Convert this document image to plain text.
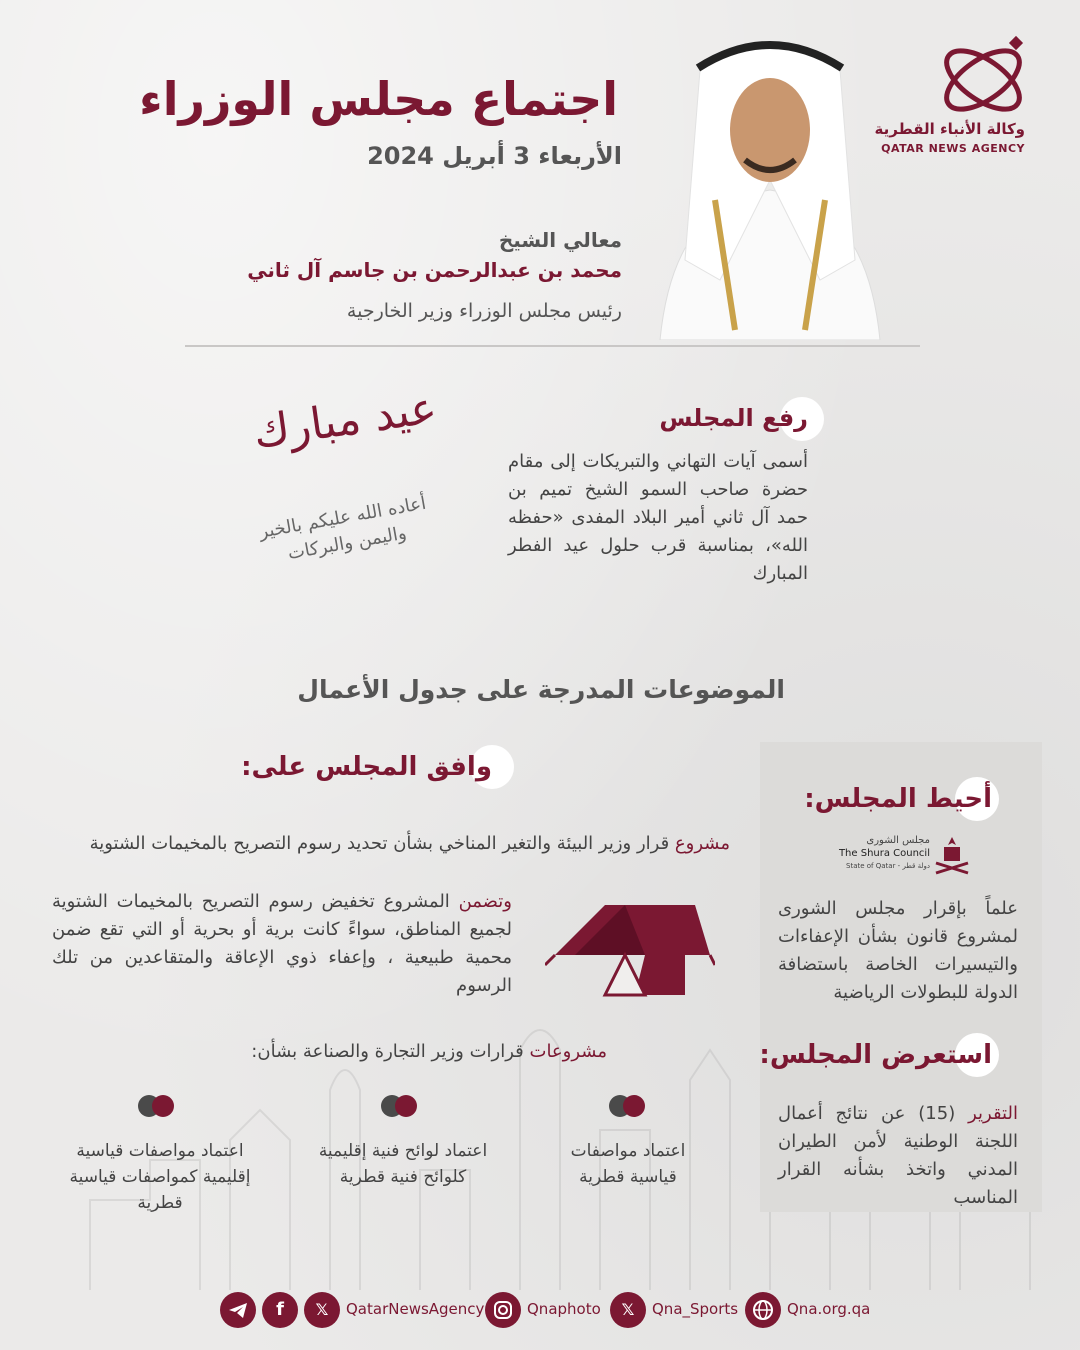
وكالة الأنباء القطرية
QATAR NEWS AGENCY
اجتماع مجلس الوزراء
الأربعاء 3 أبريل 2024
معالي الشيخ
محمد بن عبدالرحمن بن جاسم آل ثاني
رئيس مجلس الوزراء وزير الخارجية
رفع المجلس
أسمى آيات التهاني والتبريكات إلى مقام حضرة صاحب السمو الشيخ تميم بن حمد آل ثاني أمير البلاد المفدى «حفظه الله»، بمناسبة قرب حلول عيد الفطر المبارك
عيد مبارك
أعاده الله عليكم بالخير واليمن والبركات
الموضوعات المدرجة على جدول الأعمال
وافق المجلس على:
مشروع قرار وزير البيئة والتغير المناخي بشأن تحديد رسوم التصريح بالمخيمات الشتوية
وتضمن المشروع تخفيض رسوم التصريح بالمخيمات الشتوية لجميع المناطق، سواءً كانت برية أو بحرية أو التي تقع ضمن محمية طبيعية ، وإعفاء ذوي الإعاقة والمتقاعدين من تلك الرسوم
مشروعات قرارات وزير التجارة والصناعة بشأن:
اعتماد مواصفات قياسية قطرية
اعتماد لوائح فنية إقليمية كلوائح فنية قطرية
اعتماد مواصفات قياسية إقليمية كمواصفات قياسية قطرية
أحيط المجلس:
مجلس الشورى
The Shura Council
State of Qatar - دولة قطر
علماً بإقرار مجلس الشورى لمشروع قانون بشأن الإعفاءات والتيسيرات الخاصة باستضافة الدولة للبطولات الرياضية
استعرض المجلس:
التقرير (15) عن نتائج أعمال اللجنة الوطنية لأمن الطيران المدني واتخذ بشأنه القرار المناسب
f	𝕏	QatarNewsAgency	Qnaphoto	𝕏	Qna_Sports	Qna.org.qa
